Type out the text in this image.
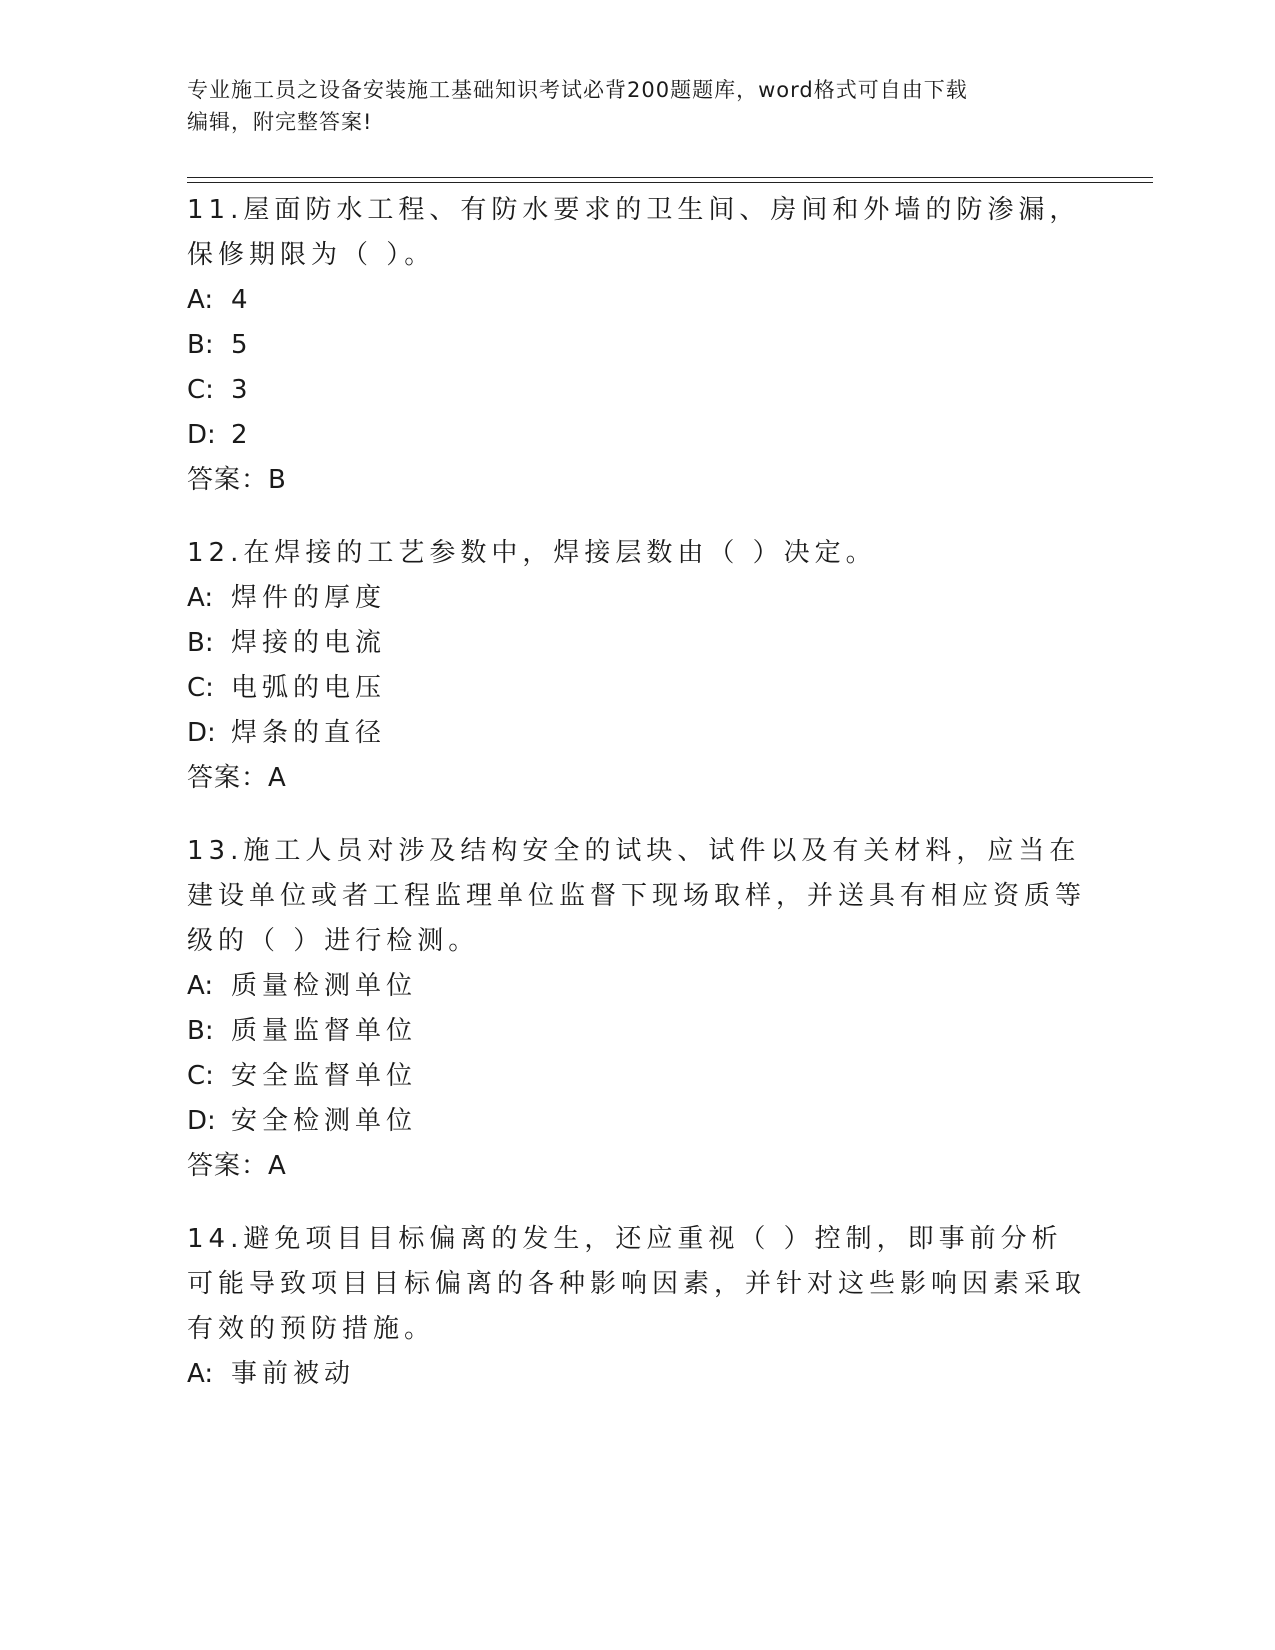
专业施工员之设备安装施工基础知识考试必背200题题库，word格式可自由下载
编辑，附完整答案!

11.屋面防水工程、有防水要求的卫生间、房间和外墙的防渗漏，保修期限为（ ）。

A: 4

B: 5

C: 3

D: 2

答案：B

12.在焊接的工艺参数中，焊接层数由（ ）决定。

A: 焊件的厚度

B: 焊接的电流

C: 电弧的电压

D: 焊条的直径

答案：A

13.施工人员对涉及结构安全的试块、试件以及有关材料，应当在建设单位或者工程监理单位监督下现场取样，并送具有相应资质等级的（ ）进行检测。

A: 质量检测单位

B: 质量监督单位

C: 安全监督单位

D: 安全检测单位

答案：A

14.避免项目目标偏离的发生，还应重视（ ）控制，即事前分析可能导致项目目标偏离的各种影响因素，并针对这些影响因素采取有效的预防措施。

A: 事前被动
